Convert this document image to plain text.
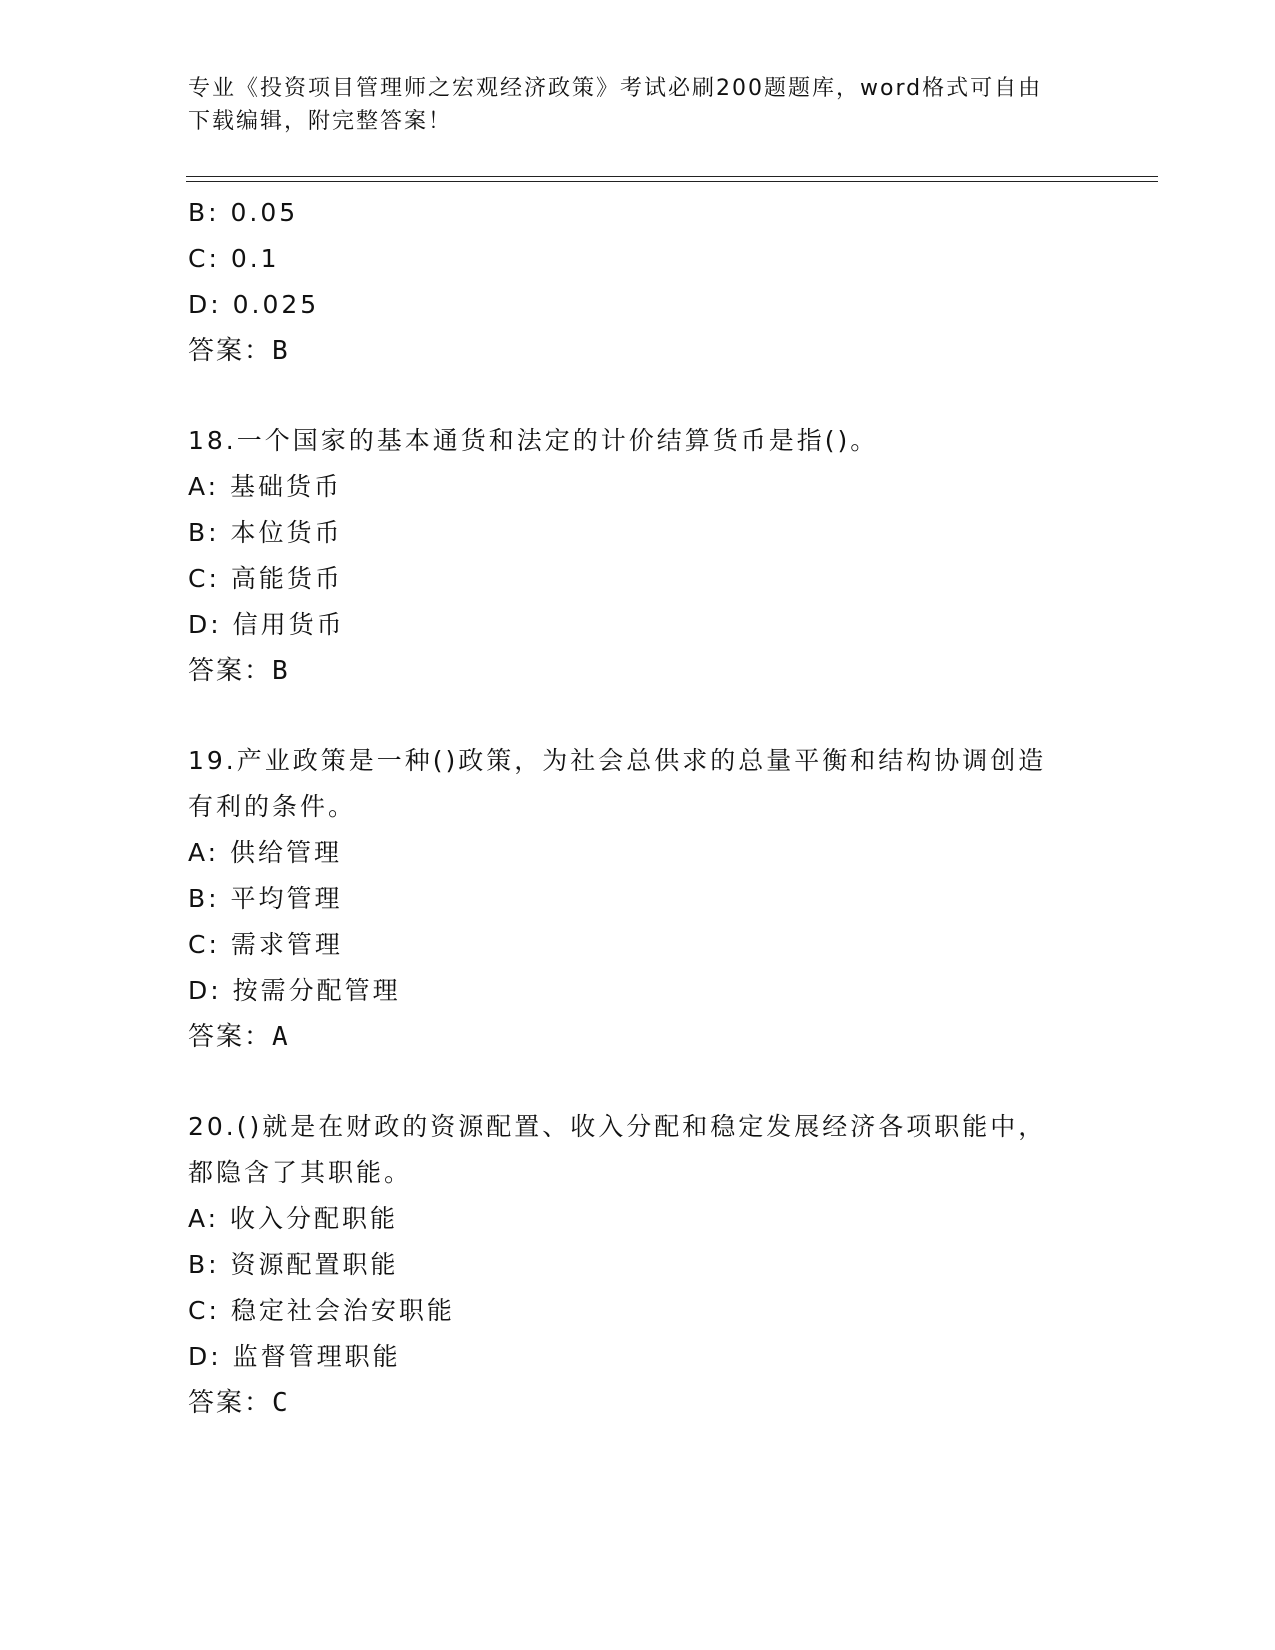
专业《投资项目管理师之宏观经济政策》考试必刷200题题库，word格式可自由
下载编辑，附完整答案！
B: 0.05
C: 0.1
D: 0.025
答案：B
18.一个国家的基本通货和法定的计价结算货币是指()。
A: 基础货币
B: 本位货币
C: 高能货币
D: 信用货币
答案：B
19.产业政策是一种()政策，为社会总供求的总量平衡和结构协调创造
有利的条件。
A: 供给管理
B: 平均管理
C: 需求管理
D: 按需分配管理
答案：A
20.()就是在财政的资源配置、收入分配和稳定发展经济各项职能中，
都隐含了其职能。
A: 收入分配职能
B: 资源配置职能
C: 稳定社会治安职能
D: 监督管理职能
答案：C
